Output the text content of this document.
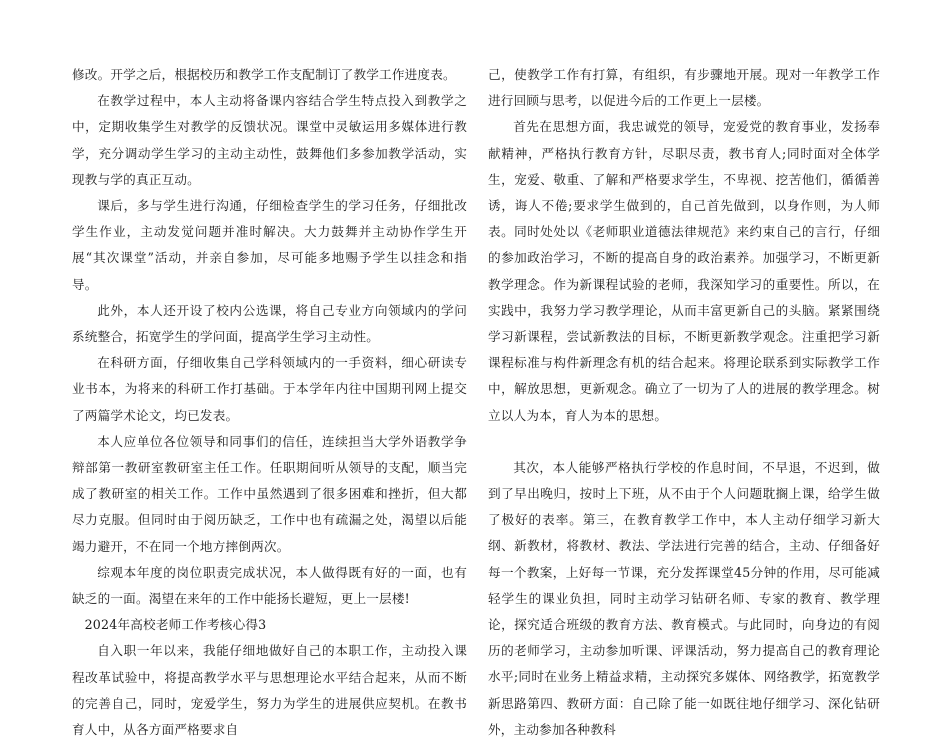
修改。开学之后，根据校历和教学工作支配制订了教学工作进度表。

在教学过程中，本人主动将备课内容结合学生特点投入到教学之中，定期收集学生对教学的反馈状况。课堂中灵敏运用多媒体进行教学，充分调动学生学习的主动主动性，鼓舞他们多参加教学活动，实现教与学的真正互动。

课后，多与学生进行沟通，仔细检查学生的学习任务，仔细批改学生作业，主动发觉问题并准时解决。大力鼓舞并主动协作学生开展“其次课堂”活动，并亲自参加，尽可能多地赐予学生以挂念和指导。

此外，本人还开设了校内公选课，将自己专业方向领域内的学问系统整合，拓宽学生的学问面，提高学生学习主动性。

在科研方面，仔细收集自己学科领域内的一手资料，细心研读专业书本，为将来的科研工作打基础。于本学年内往中国期刊网上提交了两篇学术论文，均已发表。

本人应单位各位领导和同事们的信任，连续担当大学外语教学争辩部第一教研室教研室主任工作。任职期间听从领导的支配，顺当完成了教研室的相关工作。工作中虽然遇到了很多困难和挫折，但大都尽力克服。但同时由于阅历缺乏，工作中也有疏漏之处，渴望以后能竭力避开，不在同一个地方摔倒两次。

综观本年度的岗位职责完成状况，本人做得既有好的一面，也有缺乏的一面。渴望在来年的工作中能扬长避短，更上一层楼!

2024年高校老师工作考核心得3

自入职一年以来，我能仔细地做好自己的本职工作，主动投入课程改革试验中，将提高教学水平与思想理论水平结合起来，从而不断的完善自己，同时，宠爱学生，努力为学生的进展供应契机。在教书育人中，从各方面严格要求自

己，使教学工作有打算，有组织，有步骤地开展。现对一年教学工作进行回顾与思考，以促进今后的工作更上一层楼。

首先在思想方面，我忠诚党的领导，宠爱党的教育事业，发扬奉献精神，严格执行教育方针，尽职尽责，教书育人;同时面对全体学生，宠爱、敬重、了解和严格要求学生，不卑视、挖苦他们，循循善诱，诲人不倦;要求学生做到的，自己首先做到，以身作则，为人师表。同时处处以《老师职业道德法律规范》来约束自己的言行，仔细的参加政治学习，不断的提高自身的政治素养。加强学习，不断更新教学理念。作为新课程试验的老师，我深知学习的重要性。所以，在实践中，我努力学习教学理论，从而丰富更新自己的头脑。紧紧围绕学习新课程，尝试新教法的目标，不断更新教学观念。注重把学习新课程标准与构件新理念有机的结合起来。将理论联系到实际教学工作中，解放思想，更新观念。确立了一切为了人的进展的教学理念。树立以人为本，育人为本的思想。

其次，本人能够严格执行学校的作息时间，不早退，不迟到，做到了早出晚归，按时上下班，从不由于个人问题耽搁上课，给学生做了极好的表率。第三，在教育教学工作中，本人主动仔细学习新大纲、新教材，将教材、教法、学法进行完善的结合，主动、仔细备好每一个教案，上好每一节课，充分发挥课堂45分钟的作用，尽可能减轻学生的课业负担，同时主动学习钻研名师、专家的教育、教学理论，探究适合班级的教育方法、教育模式。与此同时，向身边的有阅历的老师学习，主动参加听课、评课活动，努力提高自己的教育理论水平;同时在业务上精益求精，主动探究多媒体、网络教学，拓宽教学新思路第四、教研方面：自己除了能一如既往地仔细学习、深化钻研外，主动参加各种教科
